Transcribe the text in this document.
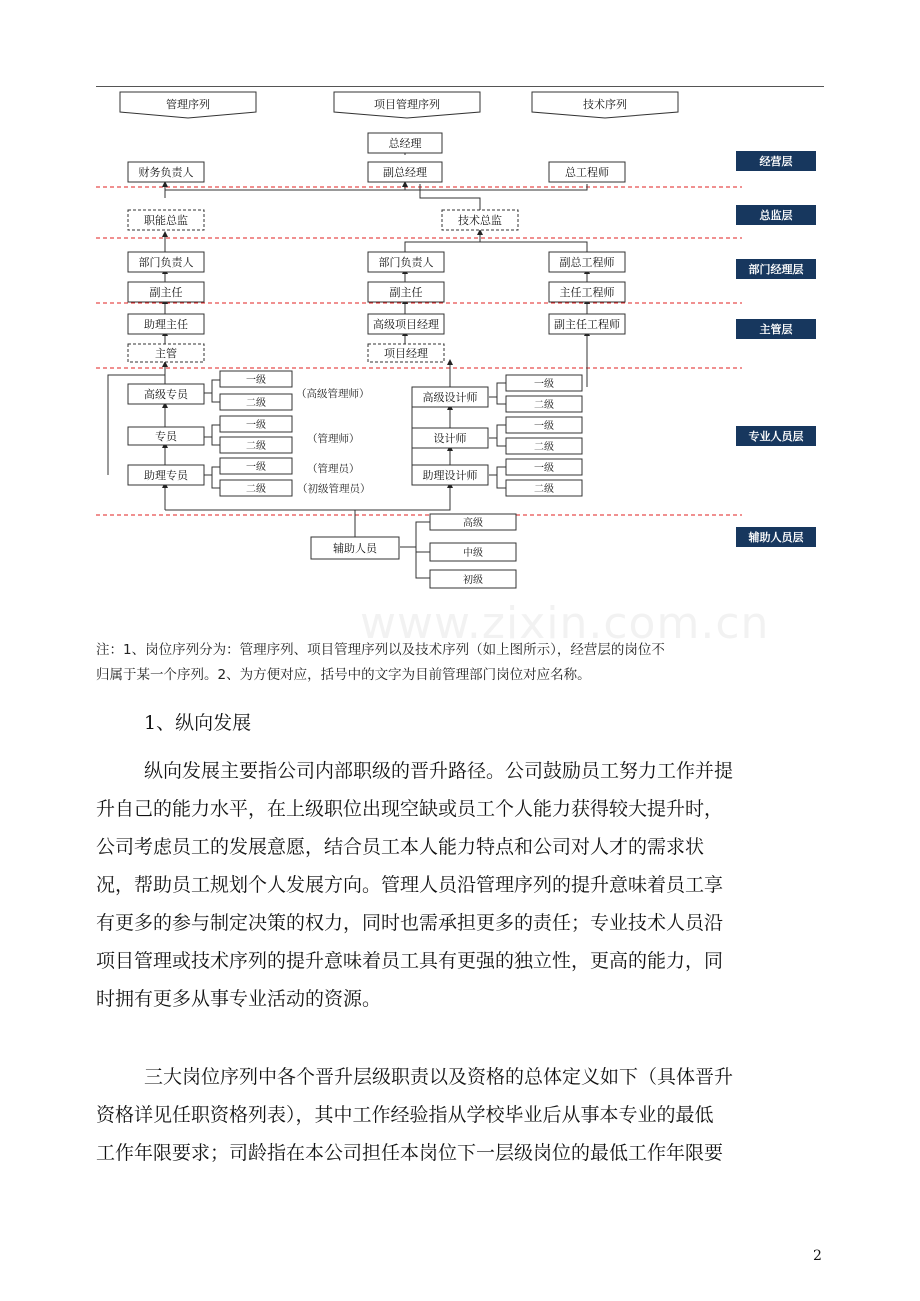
管理序列	项目管理序列	技术序列
经营层
总监层
部门经理层
主管层
专业人员层
辅助人员层
总经理
副总经理
财务负责人	总工程师
职能总监	技术总监
部门负责人	部门负责人	副总工程师
副主任	副主任	主任工程师
助理主任	高级项目经理	副主任工程师
主管	项目经理
高级专员
专员
助理专员
一级
二级
一级
二级
一级
二级
高级设计师
设计师
助理设计师
一级
二级
一级
二级
一级
二级
辅助人员
高级
中级
初级
（高级管理师）
（管理师）
（管理员）
（初级管理员）
www.zixin.com.cn
注：1、岗位序列分为：管理序列、项目管理序列以及技术序列（如上图所示），经营层的岗位不
归属于某一个序列。2、为方便对应，括号中的文字为目前管理部门岗位对应名称。
1、纵向发展
纵向发展主要指公司内部职级的晋升路径。公司鼓励员工努力工作并提
升自己的能力水平，在上级职位出现空缺或员工个人能力获得较大提升时，
公司考虑员工的发展意愿，结合员工本人能力特点和公司对人才的需求状
况，帮助员工规划个人发展方向。管理人员沿管理序列的提升意味着员工享
有更多的参与制定决策的权力，同时也需承担更多的责任；专业技术人员沿
项目管理或技术序列的提升意味着员工具有更强的独立性，更高的能力，同
时拥有更多从事专业活动的资源。
三大岗位序列中各个晋升层级职责以及资格的总体定义如下（具体晋升
资格详见任职资格列表），其中工作经验指从学校毕业后从事本专业的最低
工作年限要求；司龄指在本公司担任本岗位下一层级岗位的最低工作年限要
2
